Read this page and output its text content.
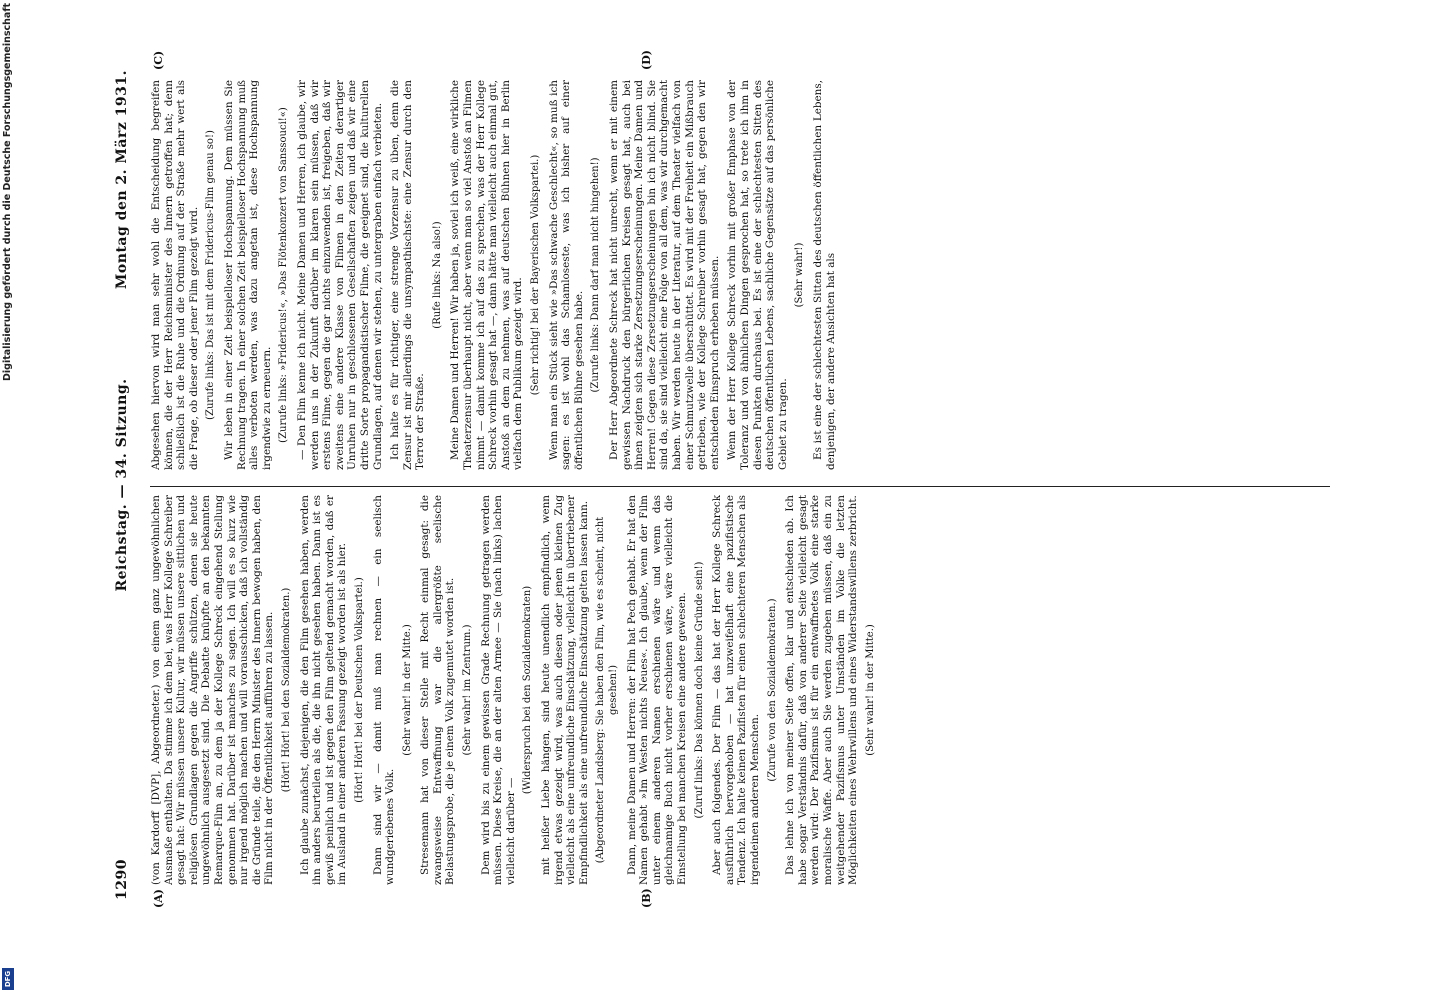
1290
Reichstag. — 34. Sitzung.
Montag den 2. März 1931.
(A)	(B)
(C)	(D)

(von Kardorff [DVP], Abgeordneter.) von einem ganz ungewöhnlichen Ausmaße enthalten. Da stimme ich dem bei, was Herr Kollege Schreiber gesagt hat: Wir müssen unsere Kultur, wir müssen unsere sittlichen und religiösen Grundlagen gegen die Angriffe schützen, denen sie heute ungewöhnlich ausgesetzt sind. Die Debatte knüpfte an den bekannten Remarque-Film an, zu dem ja der Kollege Schreck eingehend Stellung genommen hat. Darüber ist manches zu sagen. Ich will es so kurz wie nur irgend möglich machen und will vorausschicken, daß ich vollständig die Gründe teile, die den Herrn Minister des Innern bewogen haben, den Film nicht in der Öffentlichkeit aufführen zu lassen. (Hört! Hört! bei den Sozialdemokraten.) Ich glaube zunächst, diejenigen, die den Film gesehen haben, werden ihn anders beurteilen als die, die ihn nicht gesehen haben. Dann ist es gewiß peinlich und ist gegen den Film geltend gemacht worden, daß er im Ausland in einer anderen Fassung gezeigt worden ist als hier. (Hört! Hört! bei der Deutschen Volkspartei.) Dann sind wir — damit muß man rechnen — ein seelisch wundgeriebenes Volk.

(Sehr wahr! in der Mitte.) Stresemann hat von dieser Stelle mit Recht einmal gesagt: die zwangsweise Entwaffnung war die allergrößte seelische Belastungsprobe, die je einem Volk zugemutet worden ist. (Sehr wahr! im Zentrum.) Dem wird bis zu einem gewissen Grade Rechnung getragen werden müssen. Diese Kreise, die an der alten Armee — Sie (nach links) lachen vielleicht darüber —

(Widerspruch bei den Sozialdemokraten) mit heißer Liebe hängen, sind heute unendlich empfindlich, wenn irgend etwas gezeigt wird, was auch diesen oder jenen kleinen Zug vielleicht als eine unfreundliche Einschätzung, vielleicht in übertriebener Empfindlichkeit als eine unfreundliche Einschätzung gelten lassen kann. (Abgeordneter Landsberg: Sie haben den Film, wie es scheint, nicht gesehen!) Dann, meine Damen und Herren: der Film hat Pech gehabt. Er hat den Namen gehabt »Im Westen nichts Neues«. Ich glaube, wenn der Film unter einem anderen Namen erschienen wäre und wenn das gleichnamige Buch nicht vorher erschienen wäre, wäre vielleicht die Einstellung bei manchen Kreisen eine andere gewesen. (Zuruf links: Das können doch keine Gründe sein!) Aber auch folgendes. Der Film — das hat der Herr Kollege Schreck ausführlich hervorgehoben — hat unzweifelhaft eine pazifistische Tendenz. Ich halte keinen Pazifisten für einen schlechteren Menschen als irgendeinen anderen Menschen.

(Zurufe von den Sozialdemokraten.) Das lehne ich von meiner Seite offen, klar und entschieden ab. Ich habe sogar Verständnis dafür, daß von anderer Seite vielleicht gesagt werden wird: Der Pazifismus ist für ein entwaffnetes Volk eine starke moralische Waffe. Aber auch Sie werden zugeben müssen, daß ein zu weitgehender Pazifismus unter Umständen im Volke die letzten Möglichkeiten eines Wehrwillens und eines Widerstandswillens zerbricht. (Sehr wahr! in der Mitte.)

Abgesehen hiervon wird man sehr wohl die Entscheidung begreifen können, die der Herr Reichsminister des Innern getroffen hat; denn schließlich ist die Ruhe und die Ordnung auf der Straße mehr wert als die Frage, ob dieser oder jener Film gezeigt wird. (Zurufe links: Das ist mit dem Fridericus-Film genau so!) Wir leben in einer Zeit beispielloser Hochspannung. Dem müssen Sie Rechnung tragen. In einer solchen Zeit beispielloser Hochspannung muß alles verboten werden, was dazu angetan ist, diese Hochspannung irgendwie zu erneuern. (Zurufe links: »Fridericus!«, »Das Flötenkonzert von Sanssouci!«) — Den Film kenne ich nicht. Meine Damen und Herren, ich glaube, wir werden uns in der Zukunft darüber im klaren sein müssen, daß wir erstens Filme, gegen die gar nichts einzuwenden ist, freigeben, daß wir zweitens eine andere Klasse von Filmen in den Zeiten derartiger Unruhen nur in geschlossenen Gesellschaften zeigen und daß wir eine dritte Sorte propagandistischer Filme, die geeignet sind, die kulturellen Grundlagen, auf denen wir stehen, zu untergraben einfach verbieten. Ich halte es für richtiger, eine strenge Vorzensur zu üben, denn die Zensur ist mir allerdings die unsympathischste: eine Zensur durch den Terror der Straße.

(Rufe links: Na also!) Meine Damen und Herren! Wir haben ja, soviel ich weiß, eine wirkliche Theaterzensur überhaupt nicht, aber wenn man so viel Anstoß an Filmen nimmt — damit komme ich auf das zu sprechen, was der Herr Kollege Schreck vorhin gesagt hat —, dann hätte man vielleicht auch einmal gut, Anstoß an dem zu nehmen, was auf deutschen Bühnen hier in Berlin vielfach dem Publikum gezeigt wird. (Sehr richtig! bei der Bayerischen Volkspartei.) Wenn man ein Stück sieht wie »Das schwache Geschlecht«, so muß ich sagen: es ist wohl das Schamloseste, was ich bisher auf einer öffentlichen Bühne gesehen habe. (Zurufe links: Dann darf man nicht hingehen!) Der Herr Abgeordnete Schreck hat nicht unrecht, wenn er mit einem gewissen Nachdruck den bürgerlichen Kreisen gesagt hat, auch bei ihnen zeigten sich starke Zersetzungserscheinungen. Meine Damen und Herren! Gegen diese Zersetzungserscheinungen bin ich nicht blind. Sie sind da, sie sind vielleicht eine Folge von all dem, was wir durchgemacht haben. Wir werden heute in der Literatur, auf dem Theater vielfach von einer Schmutzwelle überschüttet. Es wird mit der Freiheit ein Mißbrauch getrieben, wie der Kollege Schreiber vorhin gesagt hat, gegen den wir entschieden Einspruch erheben müssen. Wenn der Herr Kollege Schreck vorhin mit großer Emphase von der Toleranz und von ähnlichen Dingen gesprochen hat, so trete ich ihm in diesen Punkten durchaus bei. Es ist eine der schlechtesten Sitten des deutschen öffentlichen Lebens, sachliche Gegensätze auf das persönliche Gebiet zu tragen.

(Sehr wahr!) Es ist eine der schlechtesten Sitten des deutschen öffentlichen Lebens, denjenigen, der andere Ansichten hat als

Digitalisierung gefördert durch die Deutsche Forschungsgemeinschaft
DFG
